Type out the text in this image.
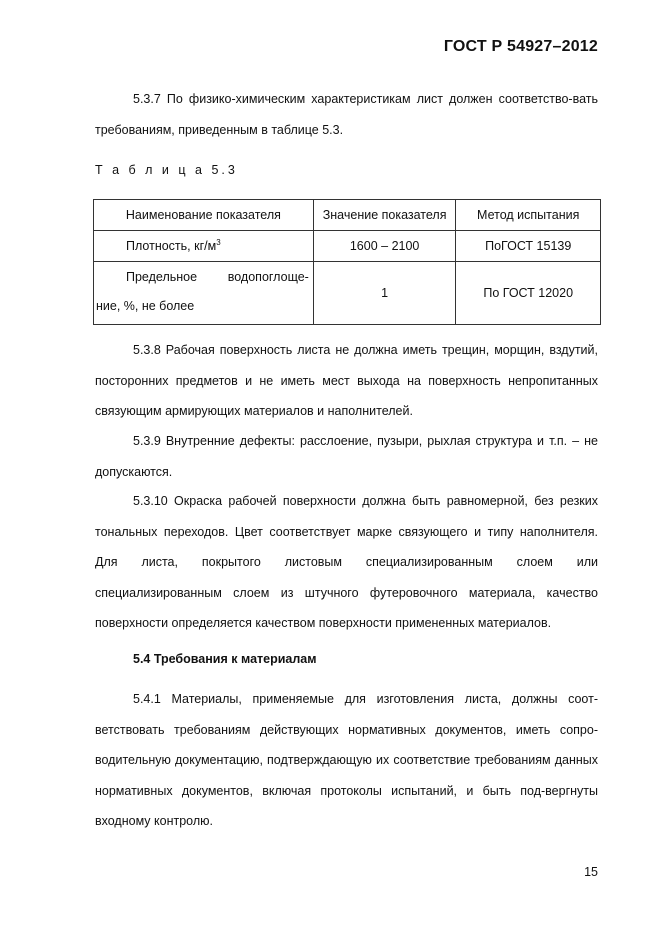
ГОСТ Р 54927–2012

5.3.7 По физико-химическим характеристикам лист должен соответство-вать требованиям, приведенным в таблице 5.3.

Т а б л и ц а 5.3
Наименование показателя	Значение показателя	Метод испытания
Плотность, $кг/м^3$	1600 – 2100	ПоГОСТ 15139

Предельное водопоглоще-
ние, %, не более	1	По ГОСТ 12020

5.3.8 Рабочая поверхность листа не должна иметь трещин, морщин, вздутий, посторонних предметов и не иметь мест выхода на поверхность непропитанных связующим армирующих материалов и наполнителей.

5.3.9 Внутренние дефекты: расслоение, пузыри, рыхлая структура и т.п. – не допускаются.

5.3.10 Окраска рабочей поверхности должна быть равномерной, без резких тональных переходов. Цвет соответствует марке связующего и типу наполнителя. Для листа, покрытого листовым специализированным слоем или специализированным слоем из штучного футеровочного материала, качество поверхности определяется качеством поверхности примененных материалов.

5.4 Требования к материалам

5.4.1 Материалы, применяемые для изготовления листа, должны соот-ветствовать требованиям действующих нормативных документов, иметь сопро-водительную документацию, подтверждающую их соответствие требованиям данных нормативных документов, включая протоколы испытаний, и быть под-вергнуты входному контролю.

15
